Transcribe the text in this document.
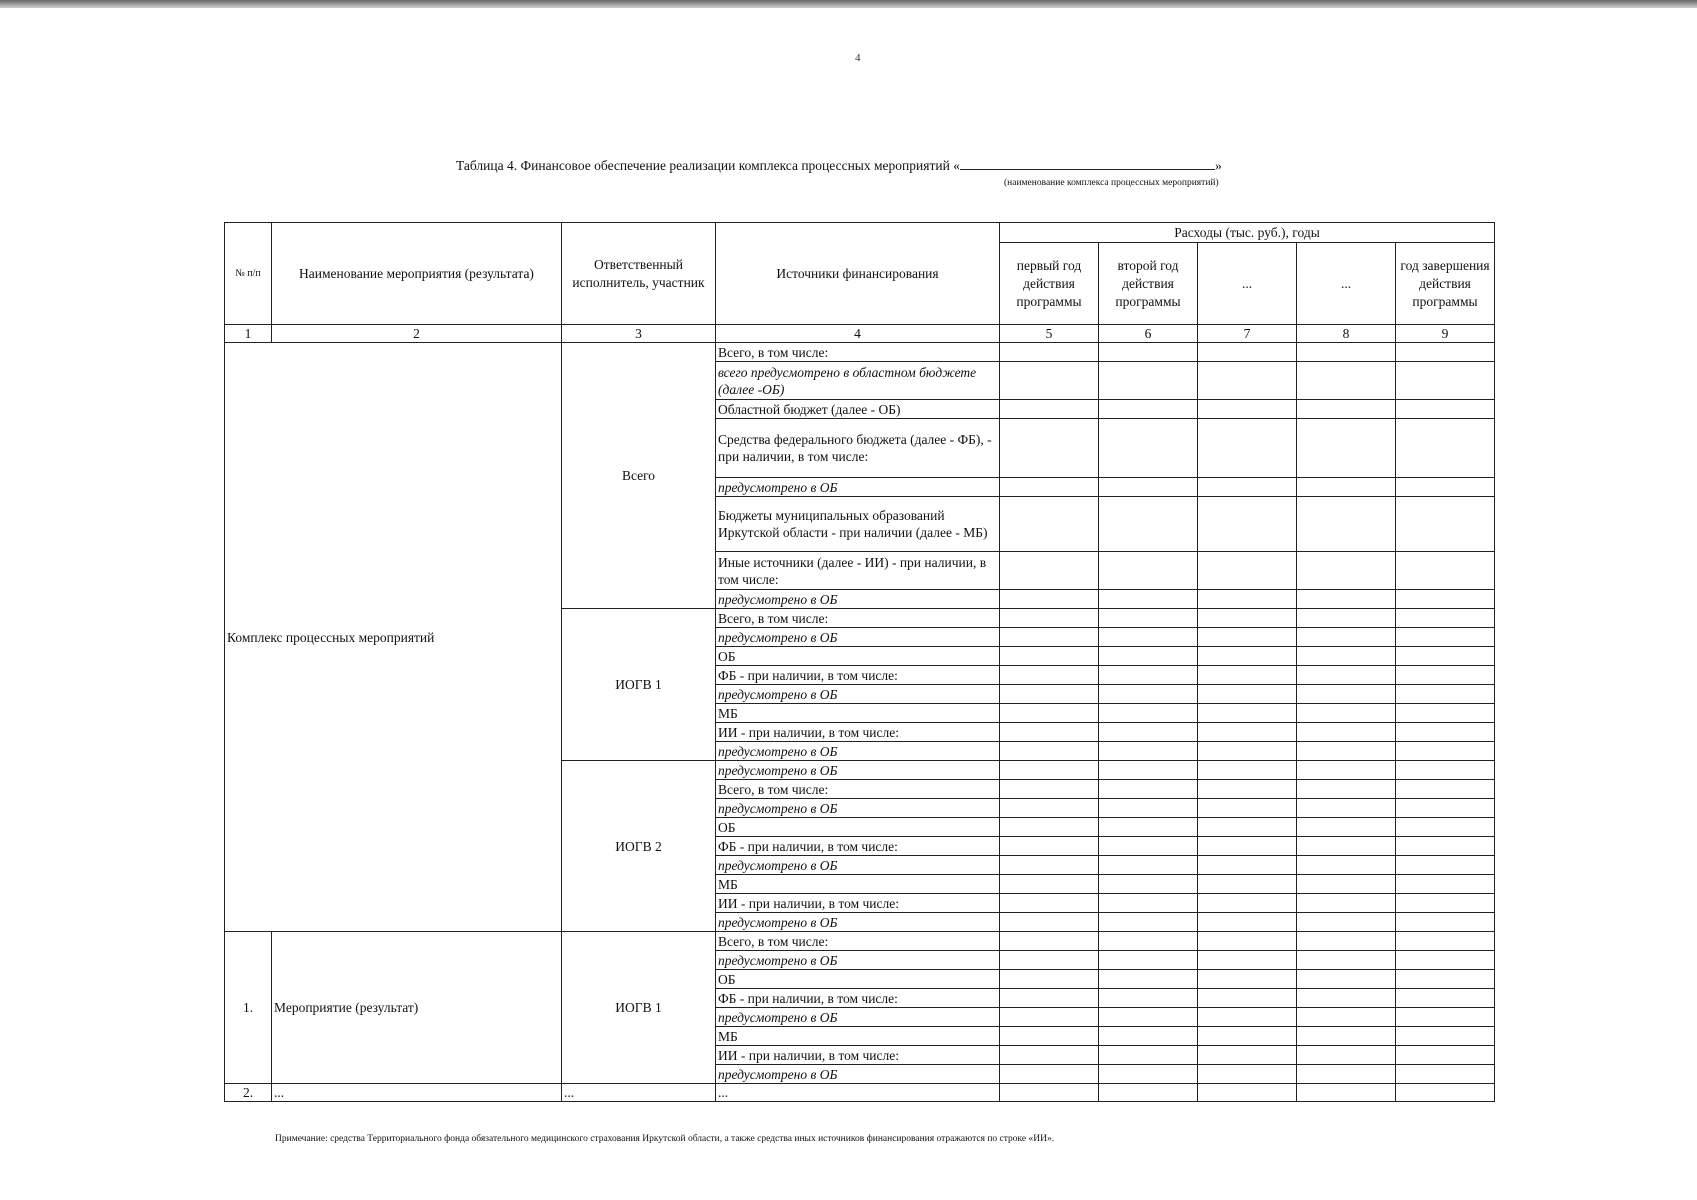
4
Таблица 4. Финансовое обеспечение реализации комплекса процессных мероприятий «	»
(наименование комплекса процессных мероприятий)
№ п/п	Наименование мероприятия (результата)	Ответственный исполнитель, участник	Источники финансирования	Расходы (тыс. руб.), годы				
				первый год действия программы	второй год действия программы	...	...	год завершения действия программы
1	2	3	4	5	6	7	8	9
Комплекс процессных мероприятий		Всего	Всего, в том числе:					
			всего предусмотрено в областном бюджете (далее -ОБ)					
			Областной бюджет (далее - ОБ)					
			Средства федерального бюджета (далее - ФБ), - при наличии, в том числе:					
			предусмотрено в ОБ					
			Бюджеты муниципальных образований Иркутской области - при наличии (далее - МБ)					
			Иные источники (далее - ИИ) - при наличии, в том числе:					
			предусмотрено в ОБ					
		ИОГВ 1	Всего, в том числе:					
			предусмотрено в ОБ					
			ОБ					
			ФБ - при наличии, в том числе:					
			предусмотрено в ОБ					
			МБ					
			ИИ - при наличии, в том числе:					
			предусмотрено в ОБ					
		ИОГВ 2	предусмотрено в ОБ					
			Всего, в том числе:					
			предусмотрено в ОБ					
			ОБ					
			ФБ - при наличии, в том числе:					
			предусмотрено в ОБ					
			МБ					
			ИИ - при наличии, в том числе:					
			предусмотрено в ОБ					
1.	Мероприятие (результат)	ИОГВ 1	Всего, в том числе:					
			предусмотрено в ОБ					
			ОБ					
			ФБ - при наличии, в том числе:					
			предусмотрено в ОБ					
			МБ					
			ИИ - при наличии, в том числе:					
			предусмотрено в ОБ					
2.	...	...	...					
Примечание: средства Территориального фонда обязательного медицинского страхования Иркутской области, а также средства иных источников финансирования отражаются по строке «ИИ».
